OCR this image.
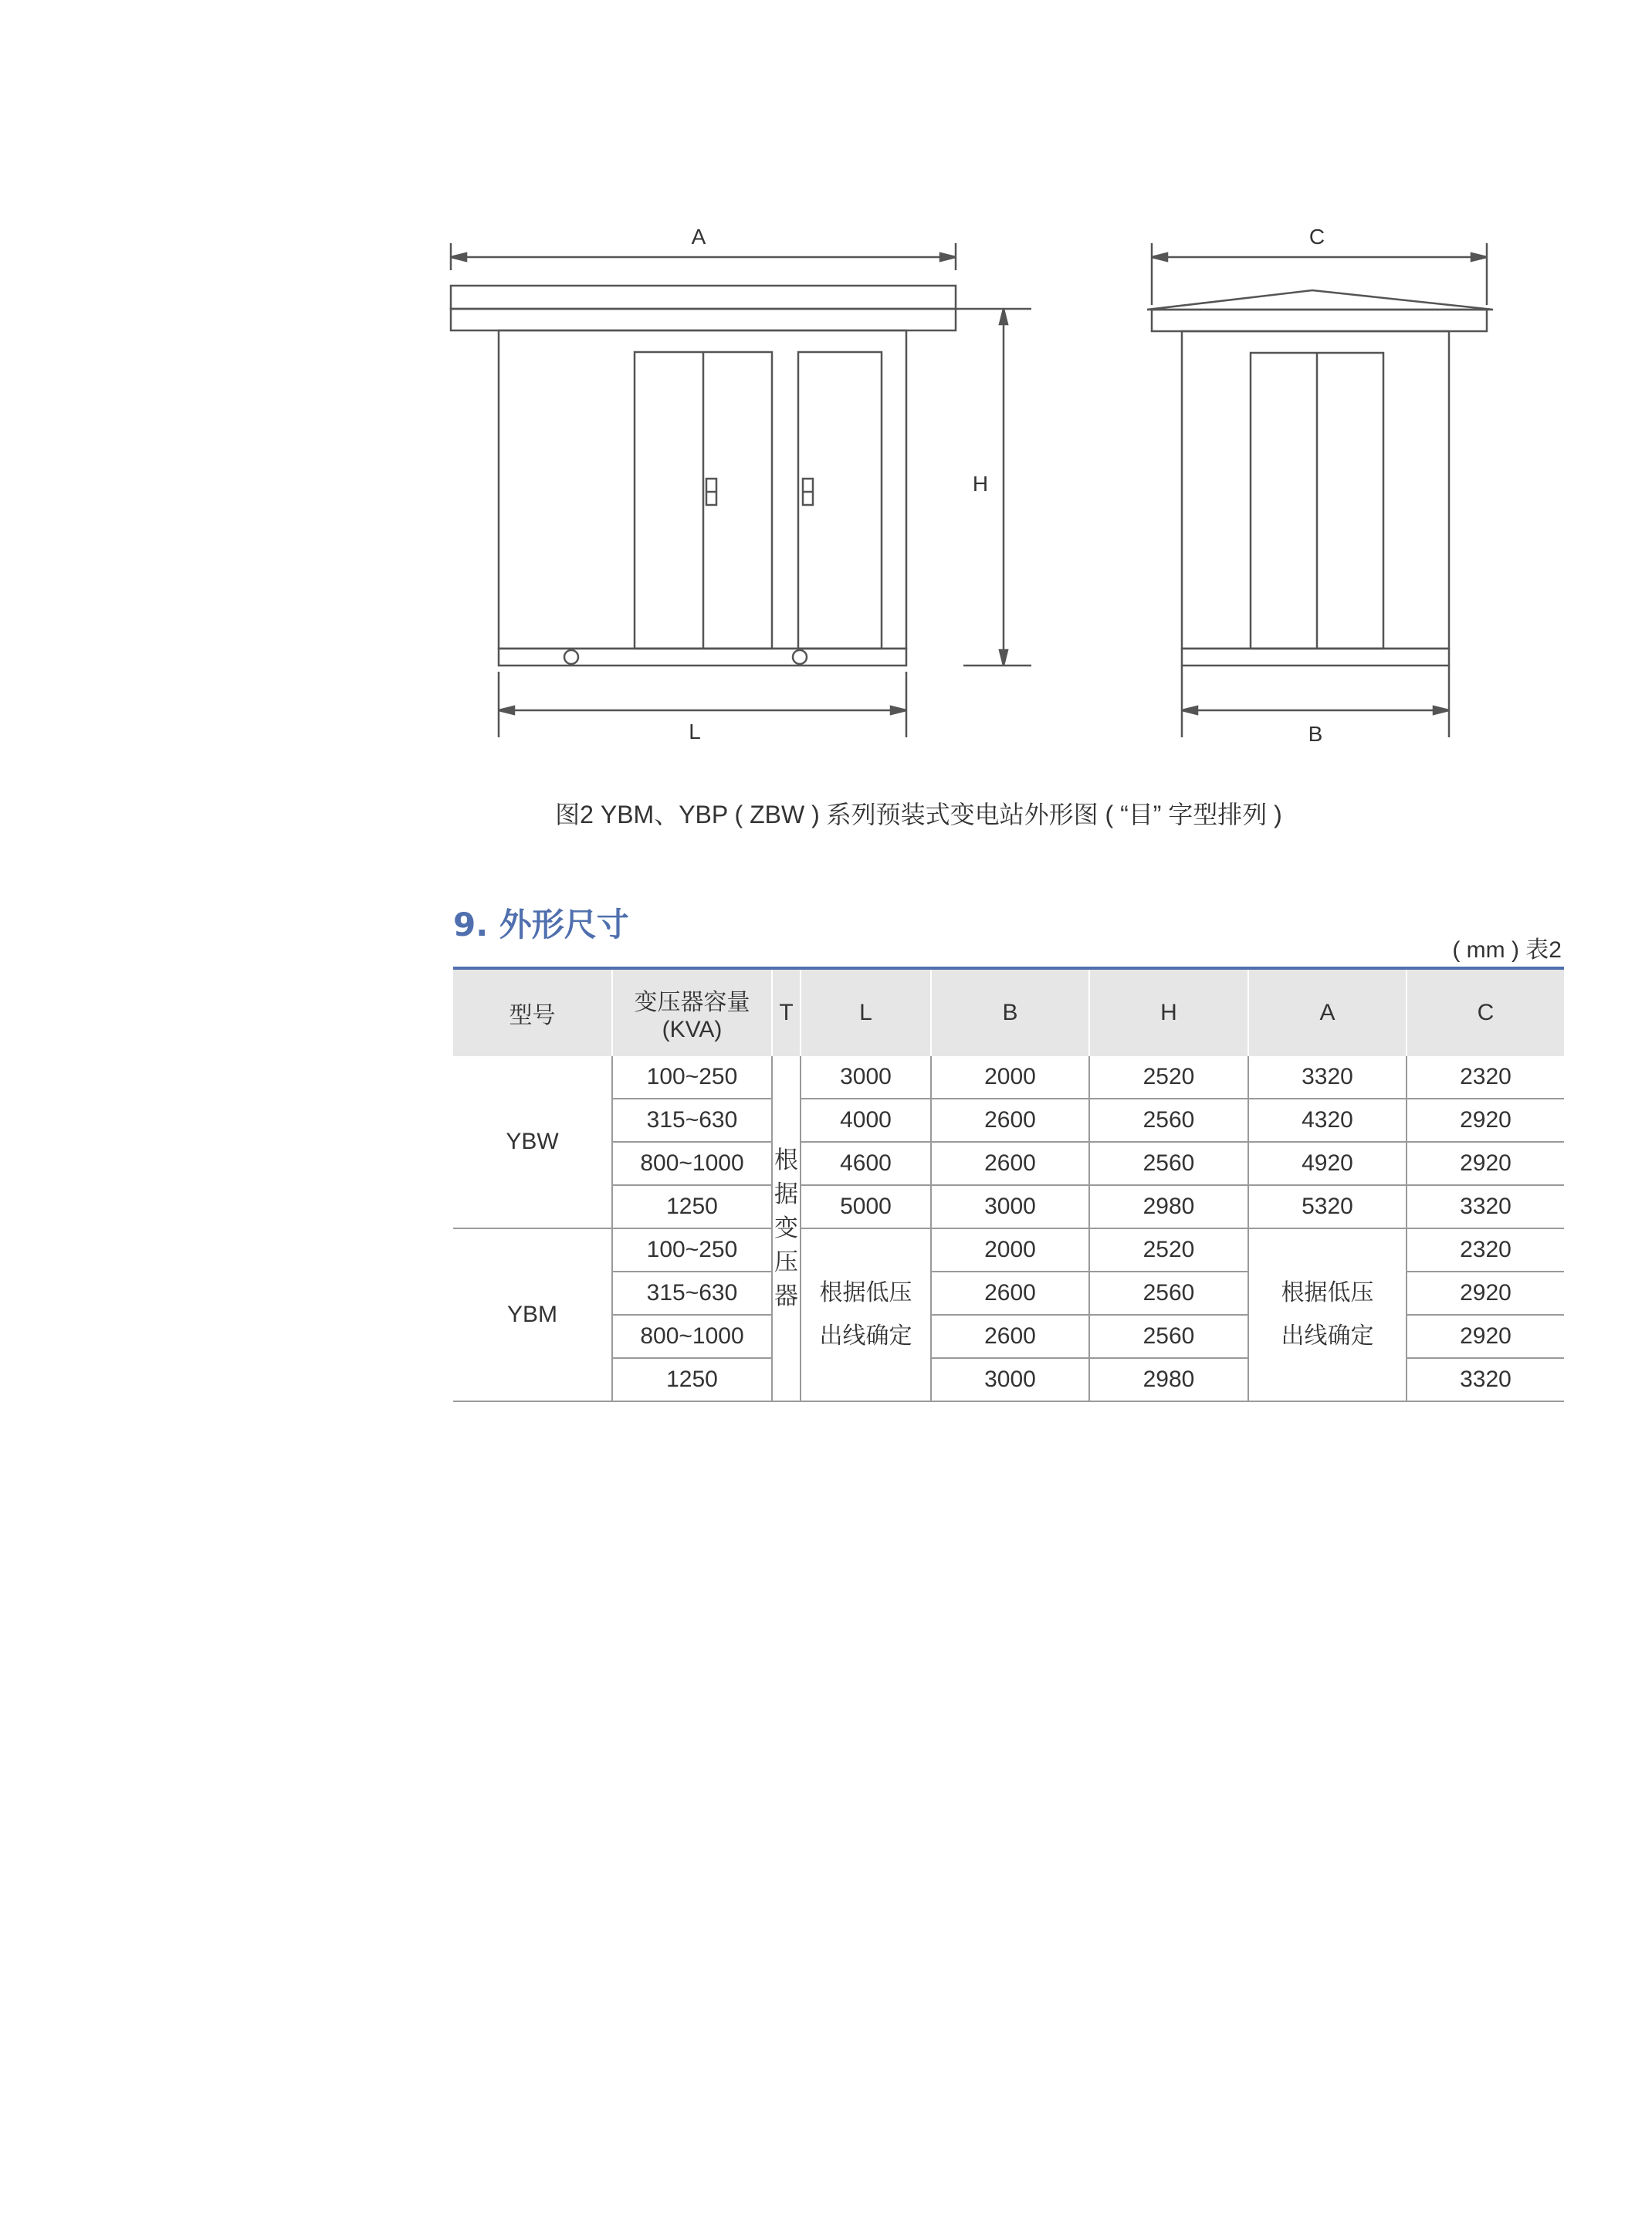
A
H
L
C
B
图2 YBM、YBP ( ZBW ) 系列预装式变电站外形图 ( “目” 字型排列 )
9. 外形尺寸
( mm ) 表2
型号	变压器容量(KVA)	T	L	B	H	A	C
YBW	100~250	根
据
变
压
器	3000	2000	2520	3320	2320
	315~630		4000	2600	2560	4320	2920
	800~1000		4600	2600	2560	4920	2920
	1250		5000	3000	2980	5320	3320
YBM	100~250		根据低压
出线确定	2000	2520	根据低压
出线确定	2320
	315~630			2600	2560		2920
	800~1000			2600	2560		2920
	1250			3000	2980		3320
